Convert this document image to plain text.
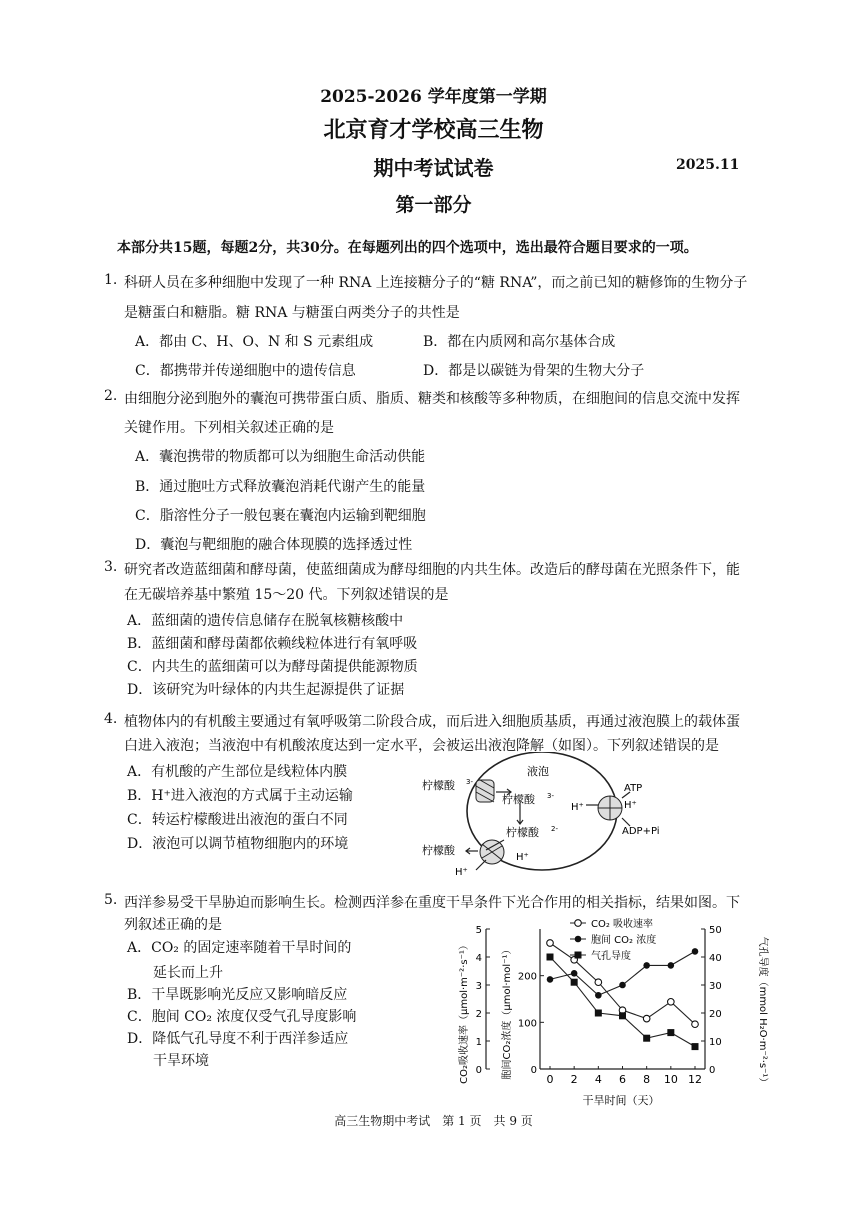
2025-2026 学年度第一学期
北京育才学校高三生物
期中考试试卷	2025.11
第一部分
本部分共15题，每题2分，共30分。在每题列出的四个选项中，选出最符合题目要求的一项。
1. 科研人员在多种细胞中发现了一种 RNA 上连接糖分子的“糖 RNA”，而之前已知的糖修饰的生物分子
是糖蛋白和糖脂。糖 RNA 与糖蛋白两类分子的共性是
A．都由 C、H、O、N 和 S 元素组成	B．都在内质网和高尔基体合成
C．都携带并传递细胞中的遗传信息	D．都是以碳链为骨架的生物大分子
2. 由细胞分泌到胞外的囊泡可携带蛋白质、脂质、糖类和核酸等多种物质，在细胞间的信息交流中发挥
关键作用。下列相关叙述正确的是
A．囊泡携带的物质都可以为细胞生命活动供能
B．通过胞吐方式释放囊泡消耗代谢产生的能量
C．脂溶性分子一般包裹在囊泡内运输到靶细胞
D．囊泡与靶细胞的融合体现膜的选择透过性
3. 研究者改造蓝细菌和酵母菌，使蓝细菌成为酵母细胞的内共生体。改造后的酵母菌在光照条件下，能
在无碳培养基中繁殖 15～20 代。下列叙述错误的是
A．蓝细菌的遗传信息储存在脱氧核糖核酸中
B．蓝细菌和酵母菌都依赖线粒体进行有氧呼吸
C．内共生的蓝细菌可以为酵母菌提供能源物质
D．该研究为叶绿体的内共生起源提供了证据
4. 植物体内的有机酸主要通过有氧呼吸第二阶段合成，而后进入细胞质基质，再通过液泡膜上的载体蛋
白进入液泡；当液泡中有机酸浓度达到一定水平，会被运出液泡降解（如图）。下列叙述错误的是
A．有机酸的产生部位是线粒体内膜
B．H⁺进入液泡的方式属于主动运输
C．转运柠檬酸进出液泡的蛋白不同
D．液泡可以调节植物细胞内的环境
液泡
柠檬酸 3-
柠檬酸 3-
柠檬酸 2-
柠檬酸
H⁺
H⁺
H⁺	H⁺
ATP
ADP+Pi
5. 西洋参易受干旱胁迫而影响生长。检测西洋参在重度干旱条件下光合作用的相关指标，结果如图。下
列叙述正确的是
A．CO₂ 的固定速率随着干旱时间的
延长而上升
B．干旱既影响光反应又影响暗反应
C．胞间 CO₂ 浓度仅受气孔导度影响
D．降低气孔导度不利于西洋参适应
干旱环境
0
1
2
3
4
5
0
100
200
0
10
20
30
40
50
0 2 4 6 8 10 12
CO₂吸收速率（μmol·m⁻²·s⁻¹）	胞间CO₂浓度（μmol·mol⁻¹）	气孔导度（mmol H₂O·m⁻²·s⁻¹）
干旱时间（天）
CO₂ 吸收速率
胞间 CO₂ 浓度
气孔导度
高三生物期中考试　第 1 页　共 9 页
